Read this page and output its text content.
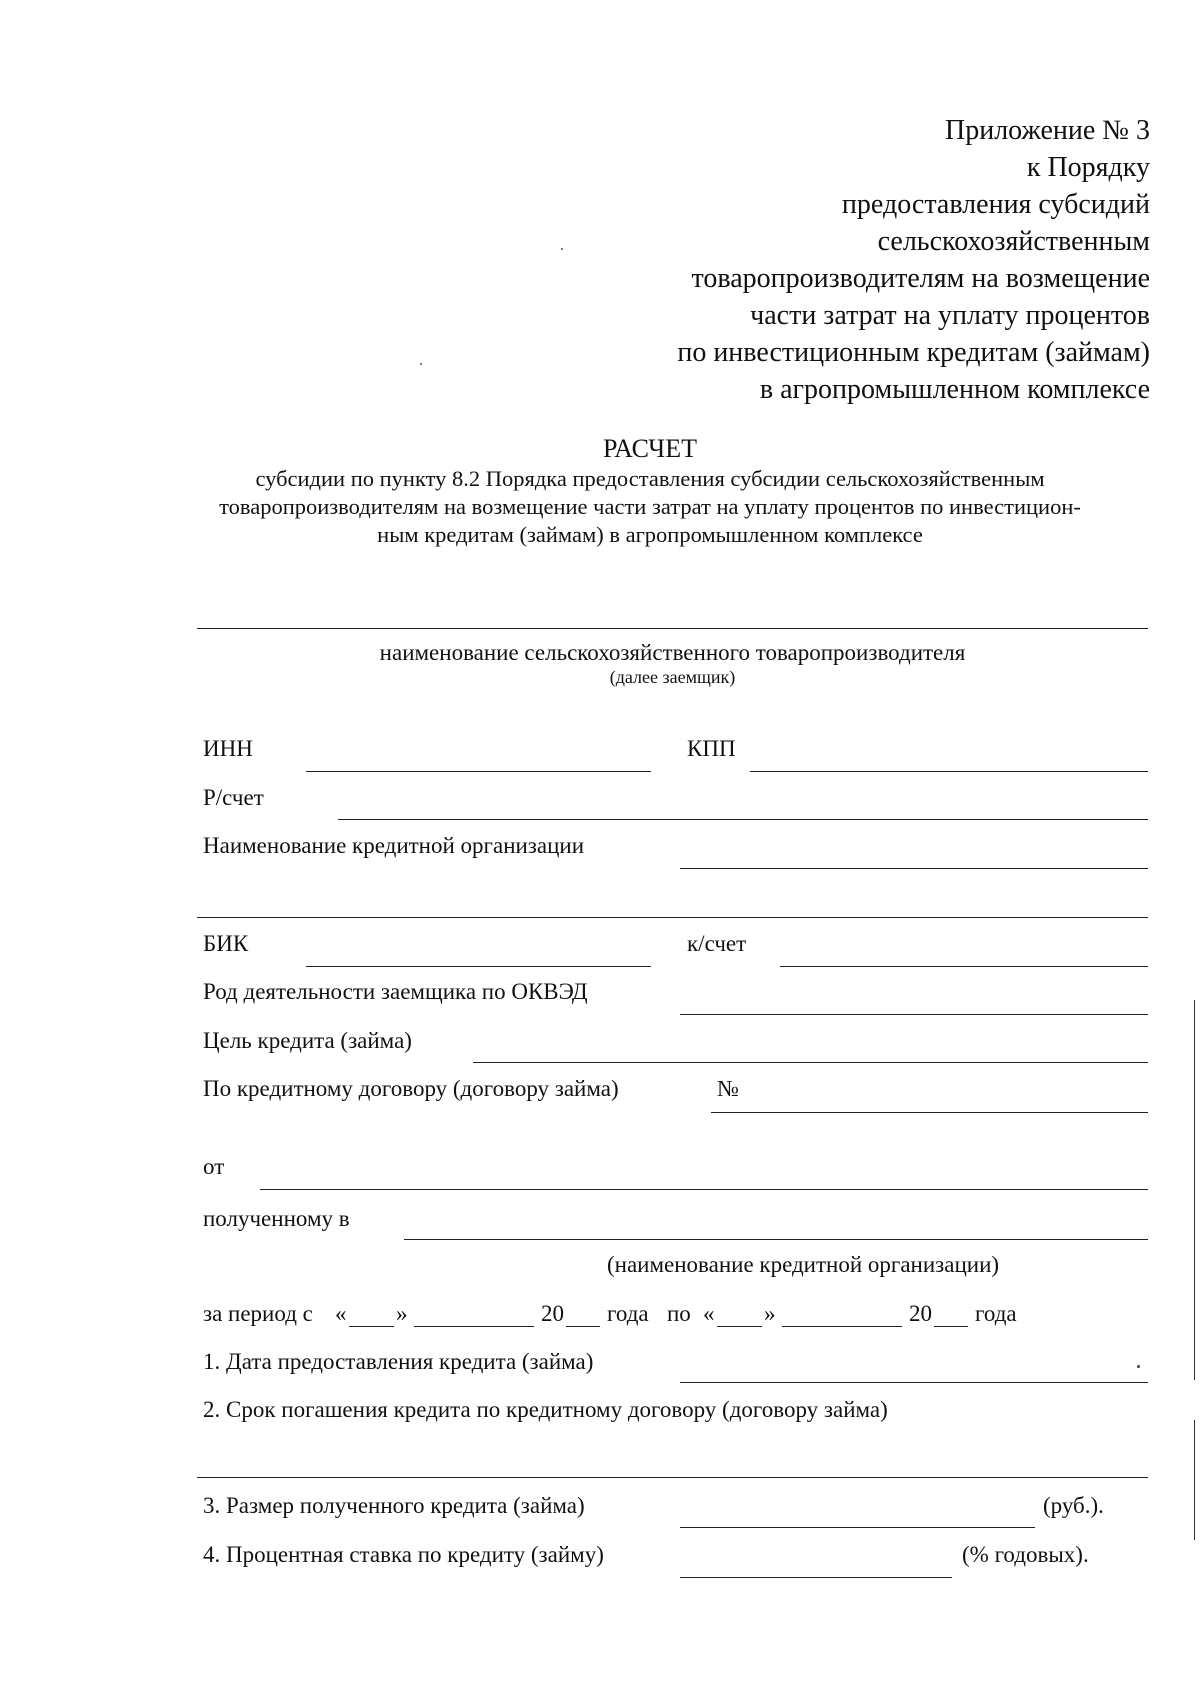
Приложение № 3
к Порядку
предоставления субсидий
сельскохозяйственным
товаропроизводителям на возмещение
части затрат на уплату процентов
по инвестиционным кредитам (займам)
в агропромышленном комплексе
РАСЧЕТ
субсидии по пункту 8.2 Порядка предоставления субсидии сельскохозяйственным
товаропроизводителям на возмещение части затрат на уплату процентов по инвестицион-
ным кредитам (займам) в агропромышленном комплексе
наименование сельскохозяйственного товаропроизводителя
(далее заемщик)
ИНН	КПП
Р/счет
Наименование кредитной организации
БИК	к/счет
Род деятельности заемщика по ОКВЭД
Цель кредита (займа)
По кредитному договору (договору займа)	№
от
полученному в
(наименование кредитной организации)
за период с « »	20 года по « »	20 года
1. Дата предоставления кредита (займа)
2. Срок погашения кредита по кредитному договору (договору займа)
3. Размер полученного кредита (займа)	(руб.).
4. Процентная ставка по кредиту (займу)	(% годовых).
